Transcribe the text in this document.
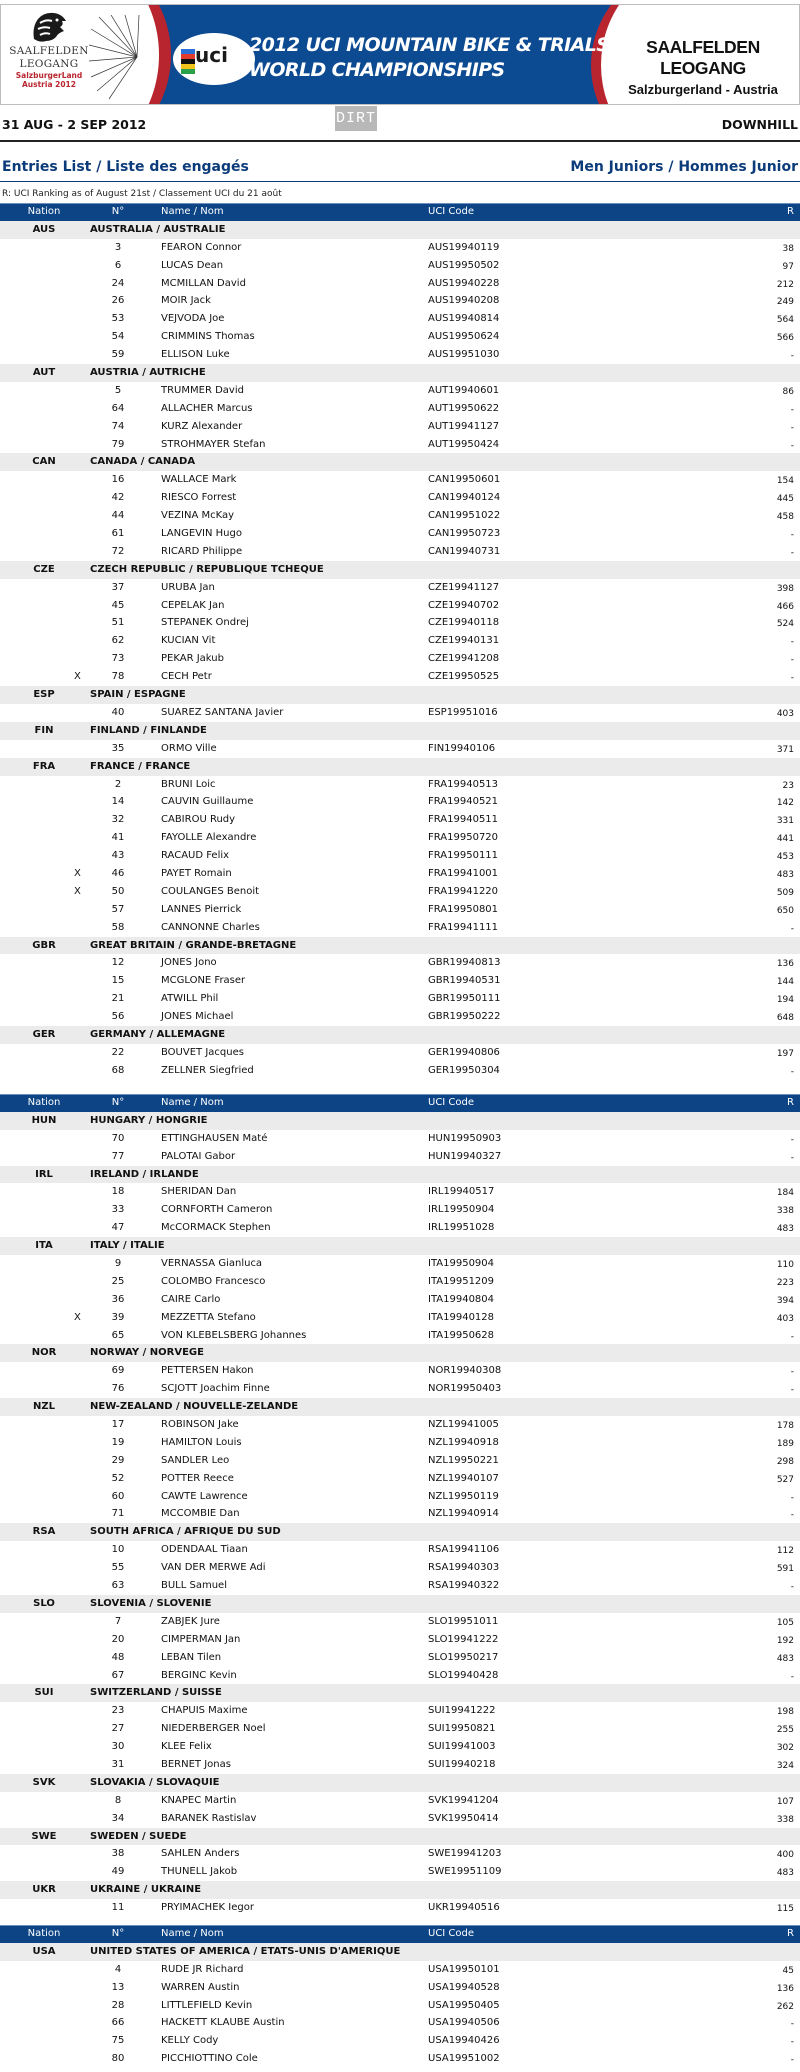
SAALFELDEN
LEOGANG
SalzburgerLand
Austria 2012
uci 2012 UCI MOUNTAIN BIKE & TRIALS
WORLD CHAMPIONSHIPS
SAALFELDEN LEOGANG
Salzburgerland - Austria
DIRT
31 AUG - 2 SEP 2012	DOWNHILL
Entries List / Liste des engagés	Men Juniors / Hommes Junior
R: UCI Ranking as of August 21st / Classement UCI du 21 août
Nation	N°	Name / Nom	UCI Code	R
AUS	AUSTRALIA / AUSTRALIE
3	FEARON Connor	AUS19940119	38
6	LUCAS Dean	AUS19950502	97
24	MCMILLAN David	AUS19940228	212
26	MOIR Jack	AUS19940208	249
53	VEJVODA Joe	AUS19940814	564
54	CRIMMINS Thomas	AUS19950624	566
59	ELLISON Luke	AUS19951030	-
AUT	AUSTRIA / AUTRICHE
5	TRUMMER David	AUT19940601	86
64	ALLACHER Marcus	AUT19950622	-
74	KURZ Alexander	AUT19941127	-
79	STROHMAYER Stefan	AUT19950424	-
CAN	CANADA / CANADA
16	WALLACE Mark	CAN19950601	154
42	RIESCO Forrest	CAN19940124	445
44	VEZINA McKay	CAN19951022	458
61	LANGEVIN Hugo	CAN19950723	-
72	RICARD Philippe	CAN19940731	-
CZE	CZECH REPUBLIC / REPUBLIQUE TCHEQUE
37	URUBA Jan	CZE19941127	398
45	CEPELAK Jan	CZE19940702	466
51	STEPANEK Ondrej	CZE19940118	524
62	KUCIAN Vit	CZE19940131	-
73	PEKAR Jakub	CZE19941208	-
X	78	CECH Petr	CZE19950525	-
ESP	SPAIN / ESPAGNE
40	SUAREZ SANTANA Javier	ESP19951016	403
FIN	FINLAND / FINLANDE
35	ORMO Ville	FIN19940106	371
FRA	FRANCE / FRANCE
2	BRUNI Loic	FRA19940513	23
14	CAUVIN Guillaume	FRA19940521	142
32	CABIROU Rudy	FRA19940511	331
41	FAYOLLE Alexandre	FRA19950720	441
43	RACAUD Felix	FRA19950111	453
X	46	PAYET Romain	FRA19941001	483
X	50	COULANGES Benoit	FRA19941220	509
57	LANNES Pierrick	FRA19950801	650
58	CANNONNE Charles	FRA19941111	-
GBR	GREAT BRITAIN / GRANDE-BRETAGNE
12	JONES Jono	GBR19940813	136
15	MCGLONE Fraser	GBR19940531	144
21	ATWILL Phil	GBR19950111	194
56	JONES Michael	GBR19950222	648
GER	GERMANY / ALLEMAGNE
22	BOUVET Jacques	GER19940806	197
68	ZELLNER Siegfried	GER19950304	-

Nation	N°	Name / Nom	UCI Code	R
HUN	HUNGARY / HONGRIE
70	ETTINGHAUSEN Maté	HUN19950903	-
77	PALOTAI Gabor	HUN19940327	-
IRL	IRELAND / IRLANDE
18	SHERIDAN Dan	IRL19940517	184
33	CORNFORTH Cameron	IRL19950904	338
47	McCORMACK Stephen	IRL19951028	483
ITA	ITALY / ITALIE
9	VERNASSA Gianluca	ITA19950904	110
25	COLOMBO Francesco	ITA19951209	223
36	CAIRE Carlo	ITA19940804	394
X	39	MEZZETTA Stefano	ITA19940128	403
65	VON KLEBELSBERG Johannes	ITA19950628	-
NOR	NORWAY / NORVEGE
69	PETTERSEN Hakon	NOR19940308	-
76	SCJOTT Joachim Finne	NOR19950403	-
NZL	NEW-ZEALAND / NOUVELLE-ZELANDE
17	ROBINSON Jake	NZL19941005	178
19	HAMILTON Louis	NZL19940918	189
29	SANDLER Leo	NZL19950221	298
52	POTTER Reece	NZL19940107	527
60	CAWTE Lawrence	NZL19950119	-
71	MCCOMBIE Dan	NZL19940914	-
RSA	SOUTH AFRICA / AFRIQUE DU SUD
10	ODENDAAL Tiaan	RSA19941106	112
55	VAN DER MERWE Adi	RSA19940303	591
63	BULL Samuel	RSA19940322	-
SLO	SLOVENIA / SLOVENIE
7	ZABJEK Jure	SLO19951011	105
20	CIMPERMAN Jan	SLO19941222	192
48	LEBAN Tilen	SLO19950217	483
67	BERGINC Kevin	SLO19940428	-
SUI	SWITZERLAND / SUISSE
23	CHAPUIS Maxime	SUI19941222	198
27	NIEDERBERGER Noel	SUI19950821	255
30	KLEE Felix	SUI19941003	302
31	BERNET Jonas	SUI19940218	324
SVK	SLOVAKIA / SLOVAQUIE
8	KNAPEC Martin	SVK19941204	107
34	BARANEK Rastislav	SVK19950414	338
SWE	SWEDEN / SUEDE
38	SAHLEN Anders	SWE19941203	400
49	THUNELL Jakob	SWE19951109	483
UKR	UKRAINE / UKRAINE
11	PRYIMACHEK Iegor	UKR19940516	115
Nation	N°	Name / Nom	UCI Code	R
USA	UNITED STATES OF AMERICA / ETATS-UNIS D'AMERIQUE
4	RUDE JR Richard	USA19950101	45
13	WARREN Austin	USA19940528	136
28	LITTLEFIELD Kevin	USA19950405	262
66	HACKETT KLAUBE Austin	USA19940506	-
75	KELLY Cody	USA19940426	-
80	PICCHIOTTINO Cole	USA19951002	-
